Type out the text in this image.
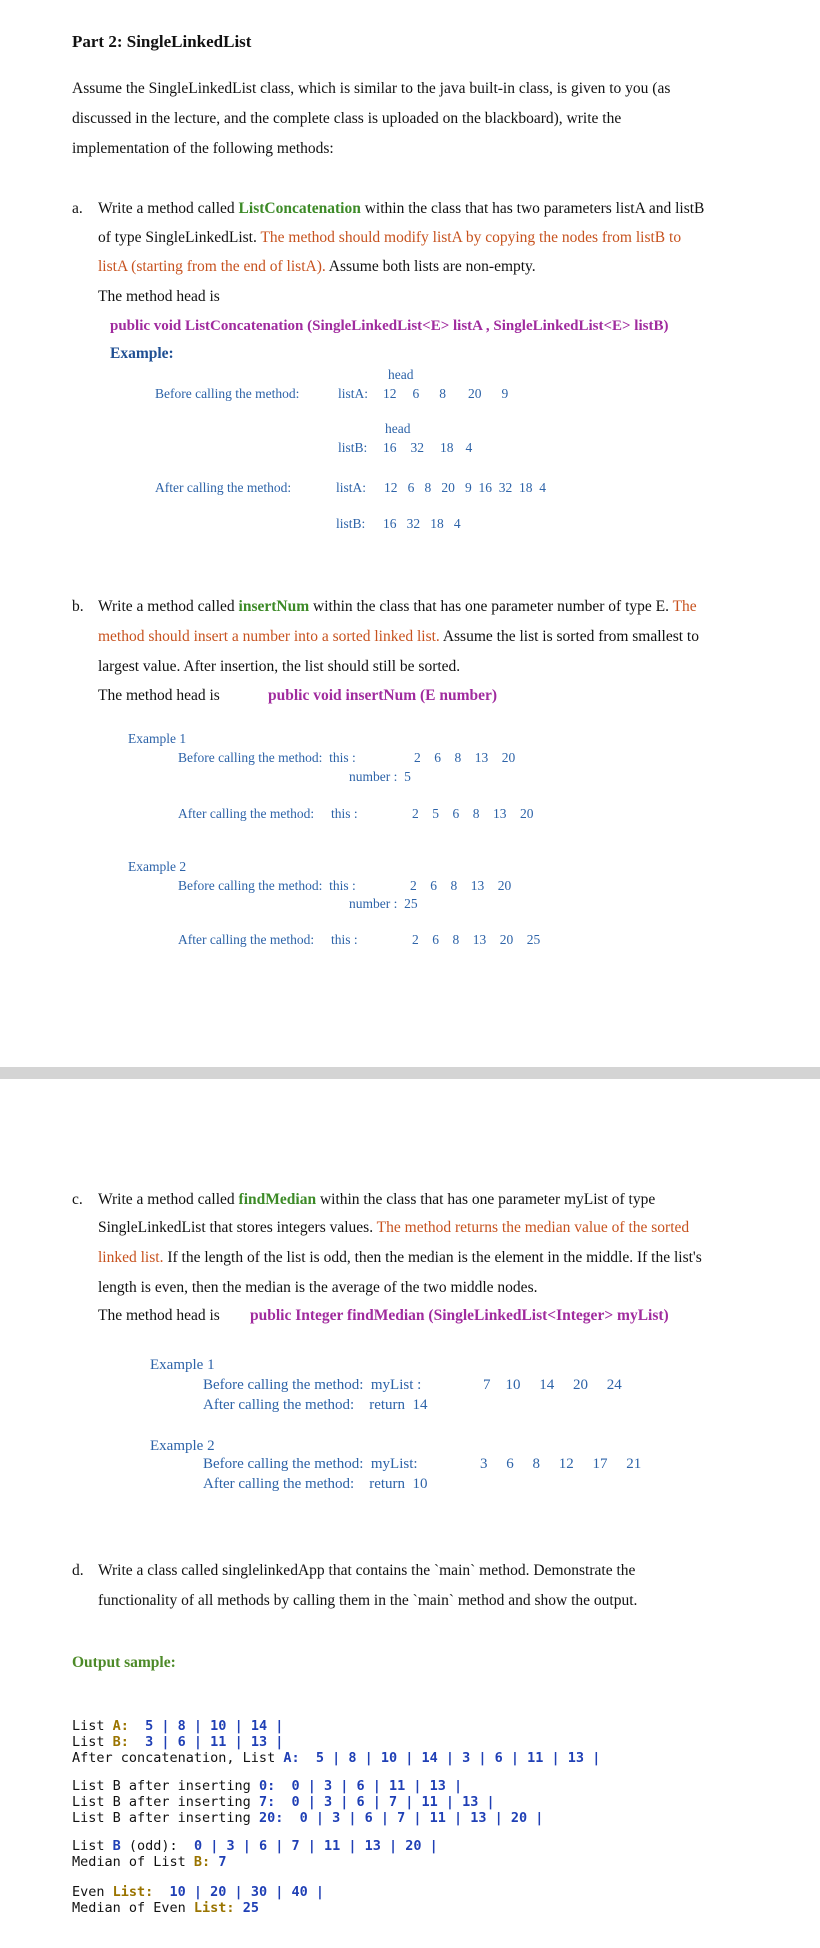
Part 2: SingleLinkedList
Assume the SingleLinkedList class, which is similar to the java built-in class, is given to you (as
discussed in the lecture, and the complete class is uploaded on the blackboard), write the
implementation of the following methods:
a. Write a method called ListConcatenation within the class that has two parameters listA and listB
of type SingleLinkedList. The method should modify listA by copying the nodes from listB to
listA (starting from the end of listA). Assume both lists are non-empty.
The method head is
public void ListConcatenation (SingleLinkedList<E> listA , SingleLinkedList<E> listB)
Example:
head
Before calling the method:	listA: 12 6 8 20 9
head
listB: 16 32 18 4
After calling the method:	listA: 12   6   8   20   9  16  32  18  4
listB: 16   32   18   4
b. Write a method called insertNum within the class that has one parameter number of type E. The
method should insert a number into a sorted linked list. Assume the list is sorted from smallest to
largest value. After insertion, the list should still be sorted.
The method head is	public void insertNum (E number)
Example 1
Before calling the method:  this :	2    6    8    13    20
number :  5
After calling the method:     this :	2    5    6    8    13    20
Example 2
Before calling the method:  this :	2    6    8    13    20
number :  25
After calling the method:     this :	2    6    8    13    20    25
c. Write a method called findMedian within the class that has one parameter myList of type
SingleLinkedList that stores integers values. The method returns the median value of the sorted
linked list. If the length of the list is odd, then the median is the element in the middle. If the list's
length is even, then the median is the average of the two middle nodes.
The method head is public Integer findMedian (SingleLinkedList<Integer> myList)
Example 1
Before calling the method:  myList :	7    10     14     20     24
After calling the method:    return  14
Example 2
Before calling the method:  myList:	3     6     8     12     17     21
After calling the method:    return  10
d. Write a class called singlelinkedApp that contains the `main` method. Demonstrate the
functionality of all methods by calling them in the `main` method and show the output.
Output sample:
List A:  5 | 8 | 10 | 14 |
List B:  3 | 6 | 11 | 13 |
After concatenation, List A:  5 | 8 | 10 | 14 | 3 | 6 | 11 | 13 |
List B after inserting 0:  0 | 3 | 6 | 11 | 13 |
List B after inserting 7:  0 | 3 | 6 | 7 | 11 | 13 |
List B after inserting 20:  0 | 3 | 6 | 7 | 11 | 13 | 20 |
List B (odd):  0 | 3 | 6 | 7 | 11 | 13 | 20 |
Median of List B: 7
Even List:  10 | 20 | 30 | 40 |
Median of Even List: 25
